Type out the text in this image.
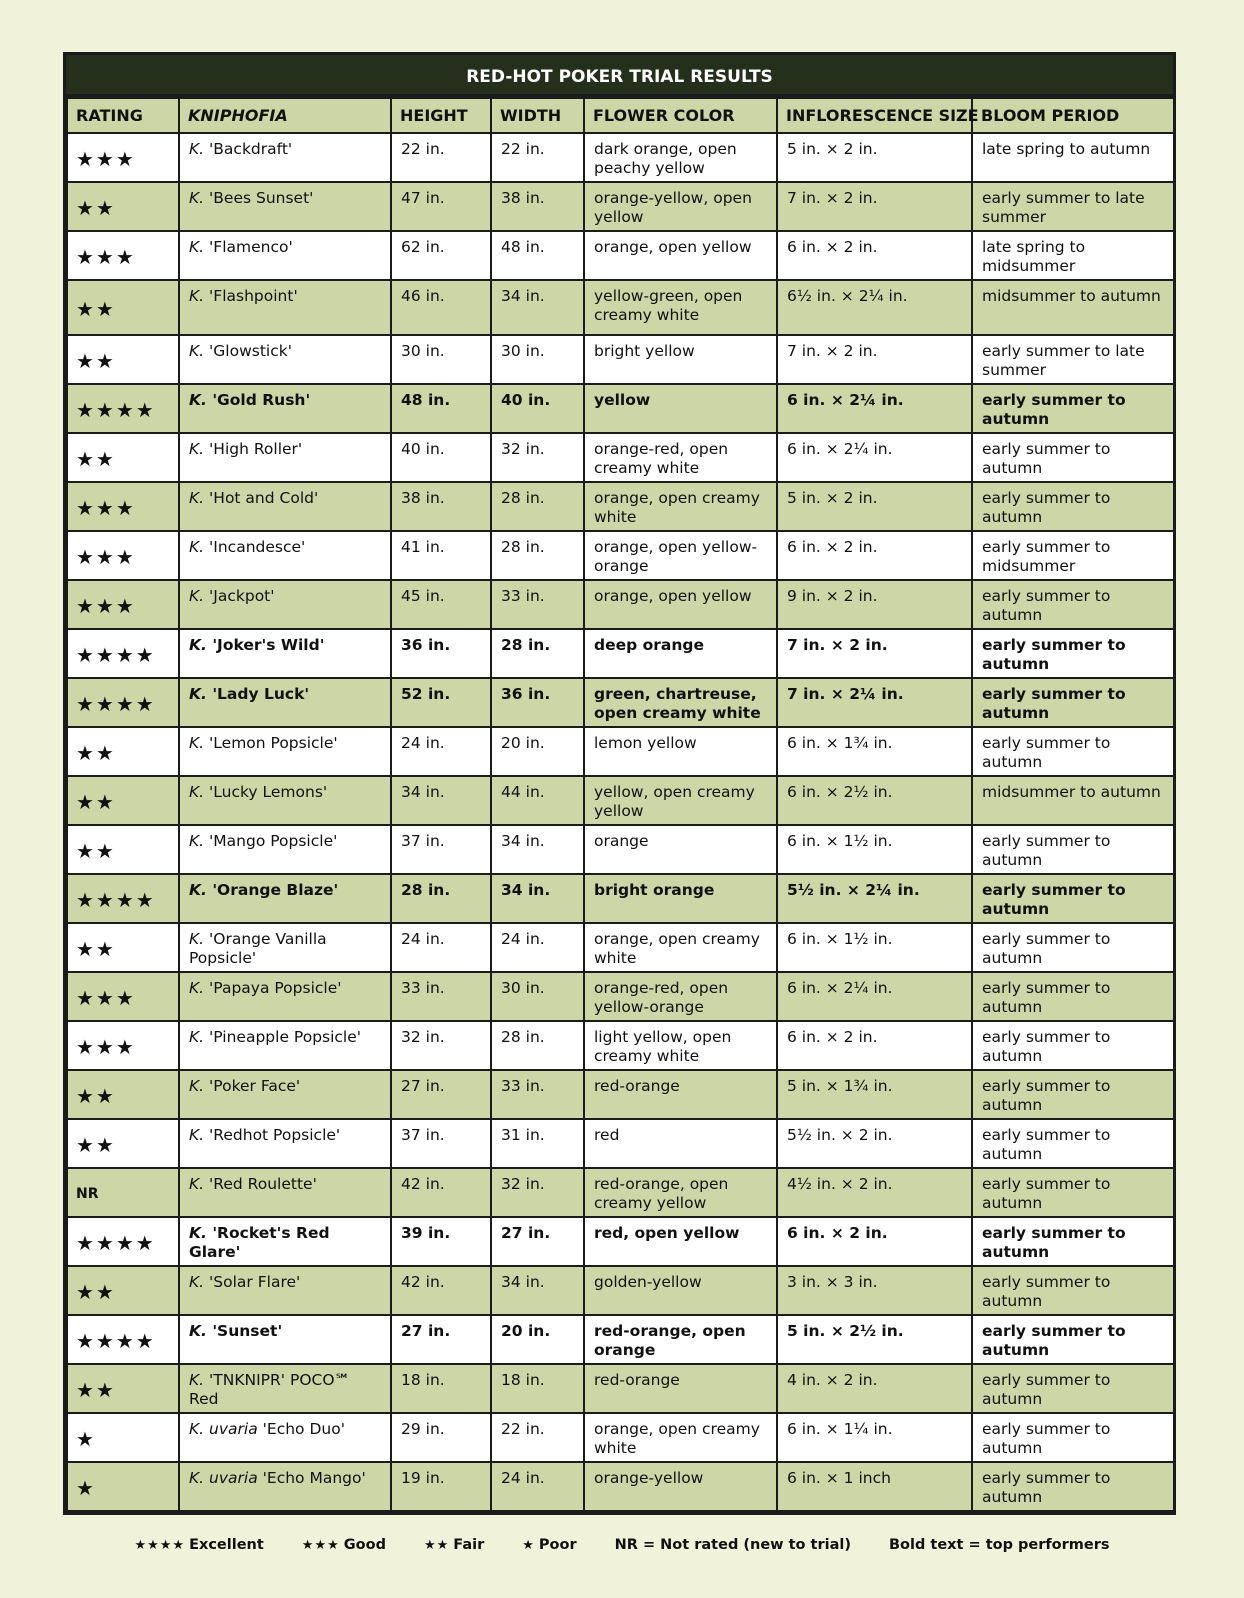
RED-HOT POKER TRIAL RESULTS
RATING	KNIPHOFIA	HEIGHT	WIDTH	FLOWER COLOR	INFLORESCENCE SIZE	BLOOM PERIOD
★★★	K. 'Backdraft'	22 in.	22 in.	dark orange, open peachy yellow	5 in. × 2 in.	late spring to autumn
★★	K. 'Bees Sunset'	47 in.	38 in.	orange-yellow, open yellow	7 in. × 2 in.	early summer to late summer
★★★	K. 'Flamenco'	62 in.	48 in.	orange, open yellow	6 in. × 2 in.	late spring to midsummer
★★	K. 'Flashpoint'	46 in.	34 in.	yellow-green, open creamy white	6½ in. × 2¼ in.	midsummer to autumn
★★	K. 'Glowstick'	30 in.	30 in.	bright yellow	7 in. × 2 in.	early summer to late summer
★★★★	K. 'Gold Rush'	48 in.	40 in.	yellow	6 in. × 2¼ in.	early summer to autumn
★★	K. 'High Roller'	40 in.	32 in.	orange-red, open creamy white	6 in. × 2¼ in.	early summer to autumn
★★★	K. 'Hot and Cold'	38 in.	28 in.	orange, open creamy white	5 in. × 2 in.	early summer to autumn
★★★	K. 'Incandesce'	41 in.	28 in.	orange, open yellow-orange	6 in. × 2 in.	early summer to midsummer
★★★	K. 'Jackpot'	45 in.	33 in.	orange, open yellow	9 in. × 2 in.	early summer to autumn
★★★★	K. 'Joker's Wild'	36 in.	28 in.	deep orange	7 in. × 2 in.	early summer to autumn
★★★★	K. 'Lady Luck'	52 in.	36 in.	green, chartreuse, open creamy white	7 in. × 2¼ in.	early summer to autumn
★★	K. 'Lemon Popsicle'	24 in.	20 in.	lemon yellow	6 in. × 1¾ in.	early summer to autumn
★★	K. 'Lucky Lemons'	34 in.	44 in.	yellow, open creamy yellow	6 in. × 2½ in.	midsummer to autumn
★★	K. 'Mango Popsicle'	37 in.	34 in.	orange	6 in. × 1½ in.	early summer to autumn
★★★★	K. 'Orange Blaze'	28 in.	34 in.	bright orange	5½ in. × 2¼ in.	early summer to autumn
★★	K. 'Orange Vanilla Popsicle'	24 in.	24 in.	orange, open creamy white	6 in. × 1½ in.	early summer to autumn
★★★	K. 'Papaya Popsicle'	33 in.	30 in.	orange-red, open yellow-orange	6 in. × 2¼ in.	early summer to autumn
★★★	K. 'Pineapple Popsicle'	32 in.	28 in.	light yellow, open creamy white	6 in. × 2 in.	early summer to autumn
★★	K. 'Poker Face'	27 in.	33 in.	red-orange	5 in. × 1¾ in.	early summer to autumn
★★	K. 'Redhot Popsicle'	37 in.	31 in.	red	5½ in. × 2 in.	early summer to autumn
NR	K. 'Red Roulette'	42 in.	32 in.	red-orange, open creamy yellow	4½ in. × 2 in.	early summer to autumn
★★★★	K. 'Rocket's Red Glare'	39 in.	27 in.	red, open yellow	6 in. × 2 in.	early summer to autumn
★★	K. 'Solar Flare'	42 in.	34 in.	golden-yellow	3 in. × 3 in.	early summer to autumn
★★★★	K. 'Sunset'	27 in.	20 in.	red-orange, open orange	5 in. × 2½ in.	early summer to autumn
★★	K. 'TNKNIPR' POCO℠ Red	18 in.	18 in.	red-orange	4 in. × 2 in.	early summer to autumn
★	K. uvaria 'Echo Duo'	29 in.	22 in.	orange, open creamy white	6 in. × 1¼ in.	early summer to autumn
★	K. uvaria 'Echo Mango'	19 in.	24 in.	orange-yellow	6 in. × 1 inch	early summer to autumn
★★★★ Excellent	★★★ Good	★★ Fair	★ Poor	NR = Not rated (new to trial)	Bold text = top performers
